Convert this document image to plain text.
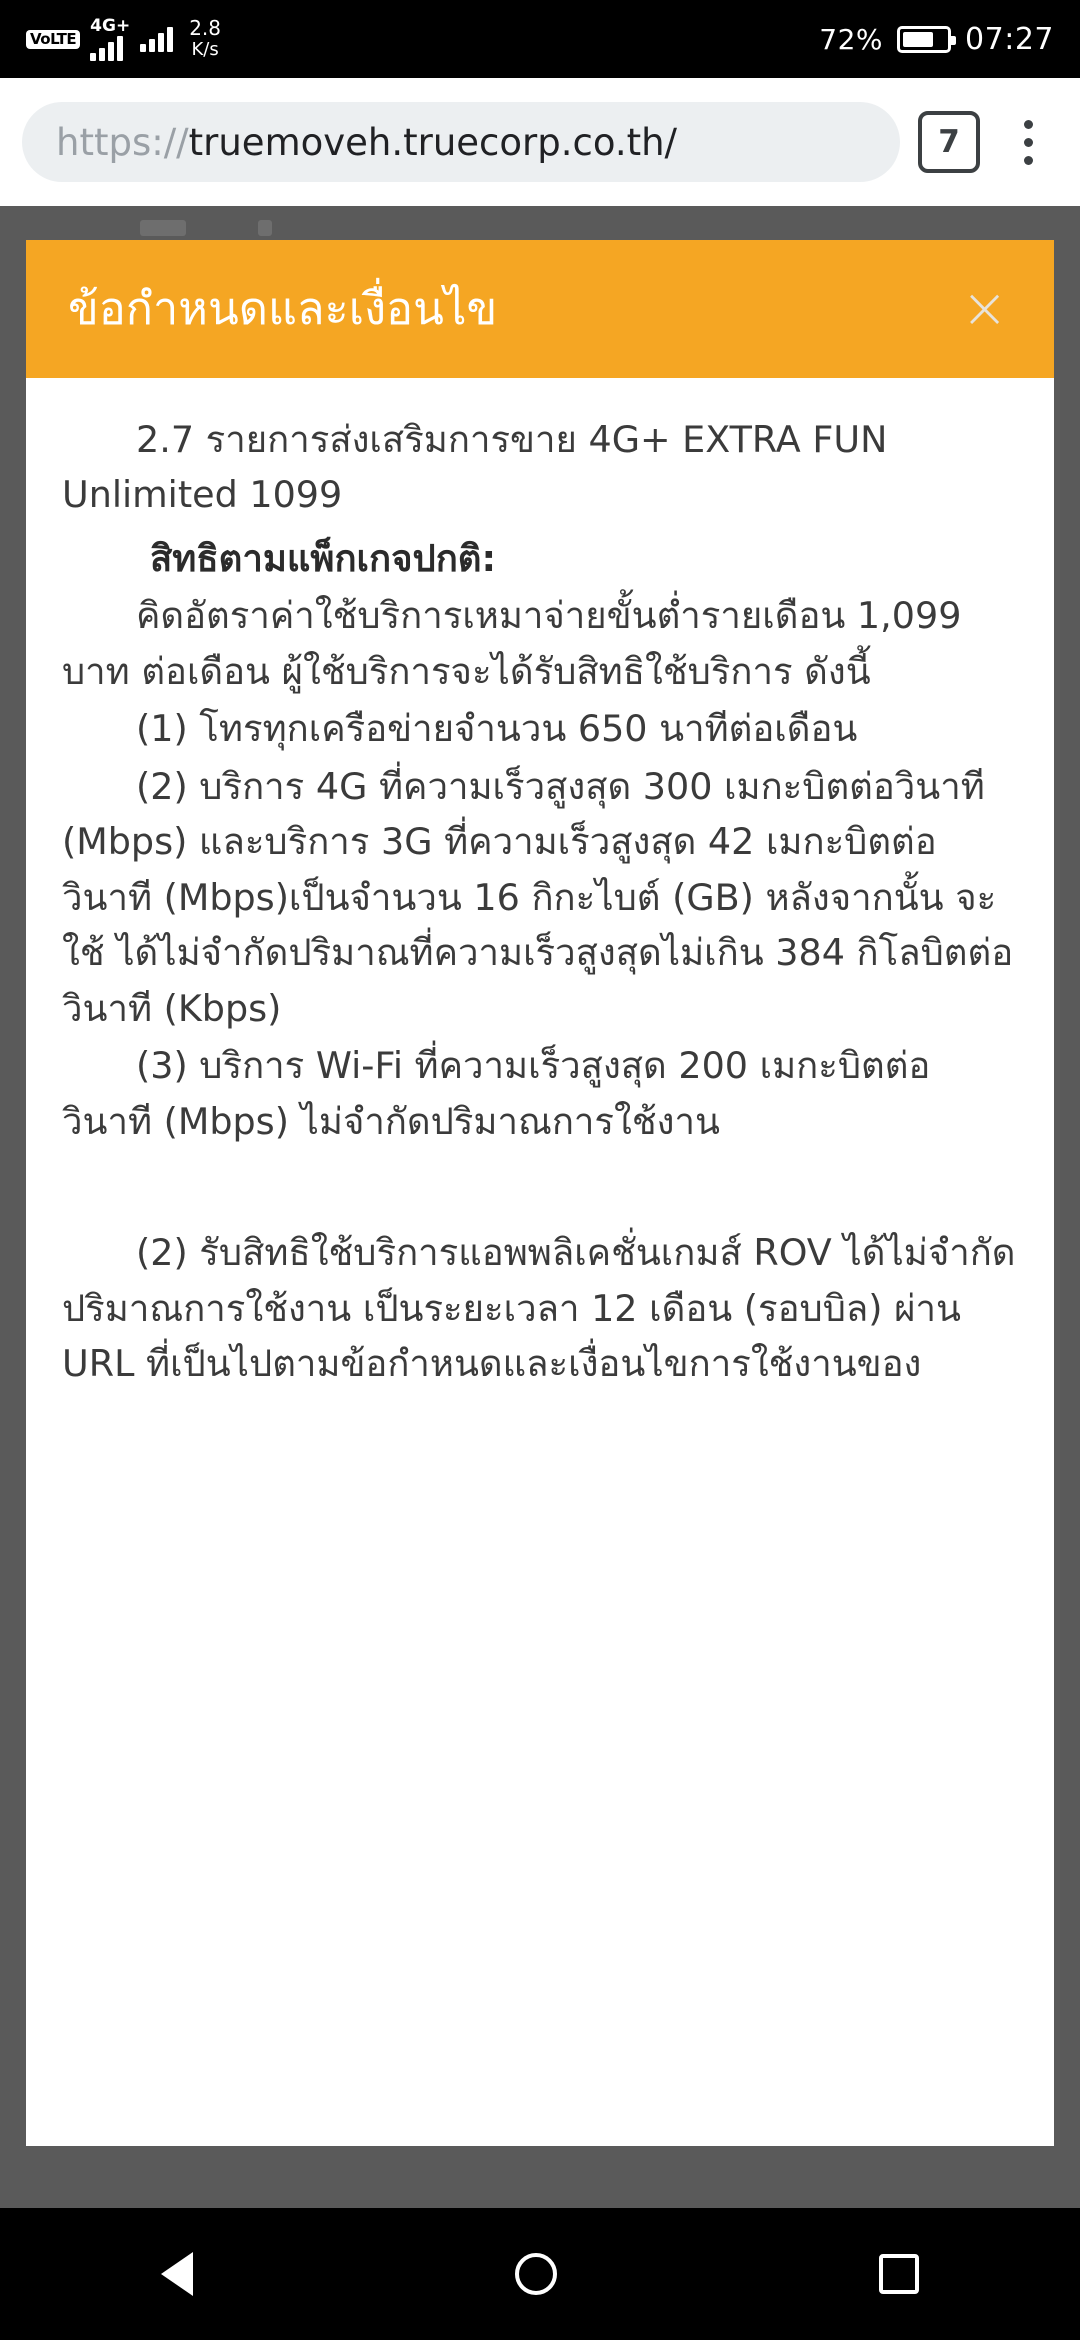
VoLTE
4G+	2.8
K/s	72%	07:27
https:// truemoveh.truecorp.co.th/	7
ข้อกำหนดและเงื่อนไข	×

2.7 รายการส่งเสริมการขาย 4G+ EXTRA FUN Unlimited 1099

สิทธิตามแพ็กเกจปกติ:

คิดอัตราค่าใช้บริการเหมาจ่ายขั้นต่ำรายเดือน 1,099 บาท ต่อเดือน ผู้ใช้บริการจะได้รับสิทธิใช้บริการ ดังนี้

(1) โทรทุกเครือข่ายจำนวน 650 นาทีต่อเดือน

(2) บริการ 4G ที่ความเร็วสูงสุด 300 เมกะบิตต่อวินาที (Mbps) และบริการ 3G ที่ความเร็วสูงสุด 42 เมกะบิตต่อวินาที (Mbps)เป็นจำนวน 16 กิกะไบต์ (GB) หลังจากนั้น จะใช้ ได้ไม่จำกัดปริมาณที่ความเร็วสูงสุดไม่เกิน 384 กิโลบิตต่อวินาที (Kbps)

(3) บริการ Wi-Fi ที่ความเร็วสูงสุด 200 เมกะบิตต่อวินาที (Mbps) ไม่จำกัดปริมาณการใช้งาน

(2) รับสิทธิใช้บริการแอพพลิเคชั่นเกมส์ ROV ได้ไม่จำกัดปริมาณการใช้งาน เป็นระยะเวลา 12 เดือน (รอบบิล) ผ่าน URL ที่เป็นไปตามข้อกำหนดและเงื่อนไขการใช้งานของ
